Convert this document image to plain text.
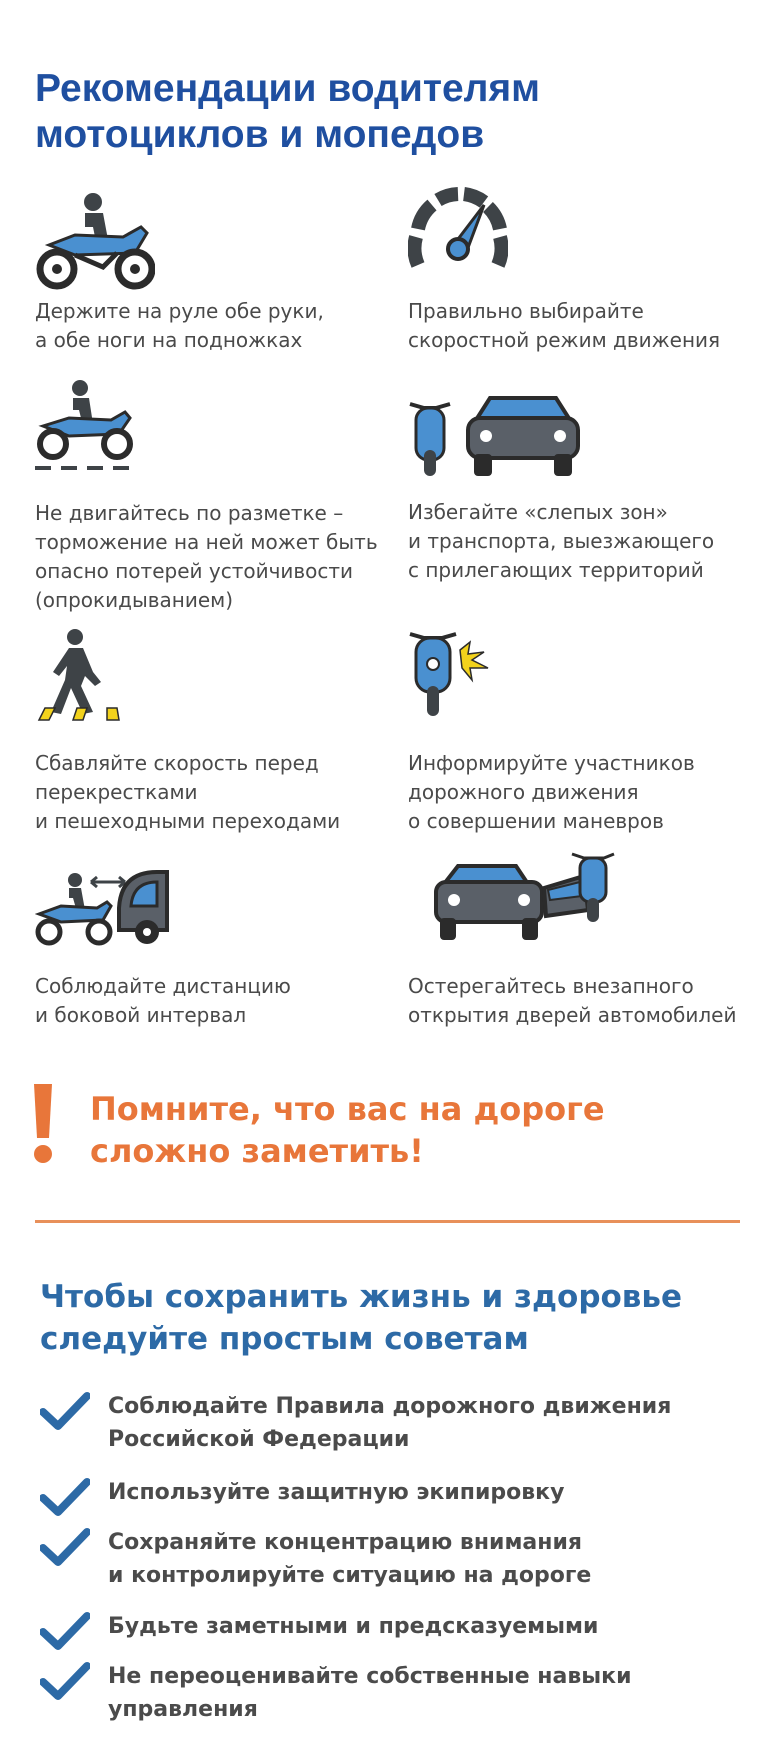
Рекомендации водителям
мотоциклов и мопедов
Держите на руле обе руки,
а обе ноги на подножках
Правильно выбирайте
скоростной режим движения
Не двигайтесь по разметке –
торможение на ней может быть
опасно потерей устойчивости
(опрокидыванием)
Избегайте «слепых зон»
и транспорта, выезжающего
с прилегающих территорий
Сбавляйте скорость перед
перекрестками
и пешеходными переходами
Информируйте участников
дорожного движения
о совершении маневров
Соблюдайте дистанцию
и боковой интервал
Остерегайтесь внезапного
открытия дверей автомобилей
Помните, что вас на дороге
сложно заметить!
Чтобы сохранить жизнь и здоровье
следуйте простым советам
Соблюдайте Правила дорожного движения
Российской Федерации
Используйте защитную экипировку
Сохраняйте концентрацию внимания
и контролируйте ситуацию на дороге
Будьте заметными и предсказуемыми
Не переоценивайте собственные навыки
управления
